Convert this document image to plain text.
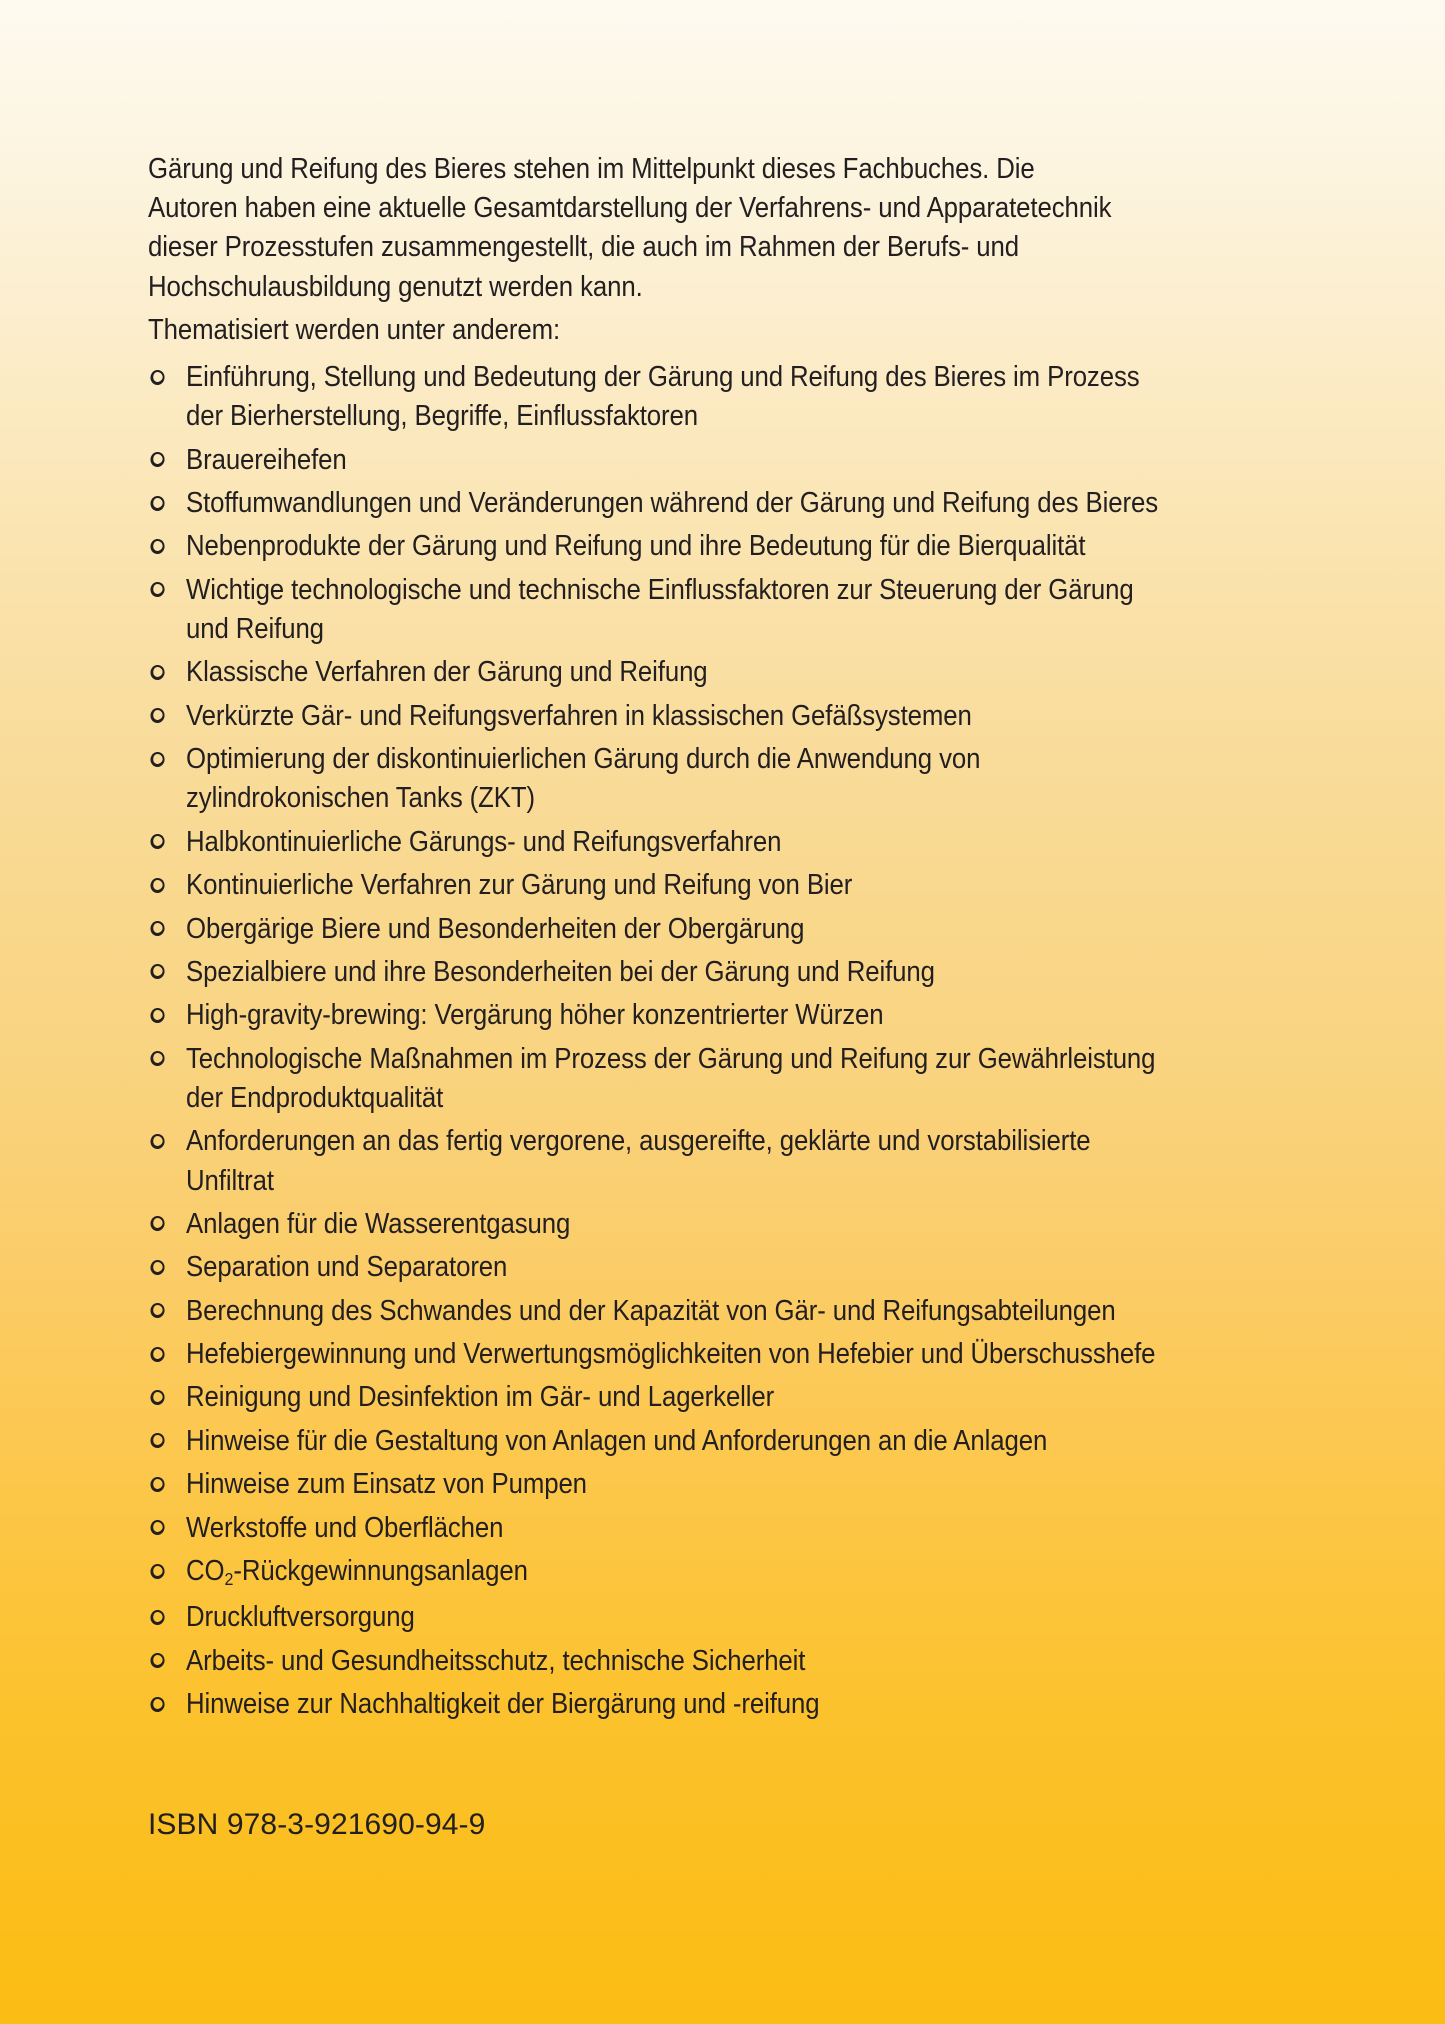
Gärung und Reifung des Bieres stehen im Mittelpunkt dieses Fachbuches. Die Autoren haben eine aktuelle Gesamtdarstellung der Verfahrens- und Apparatetechnik dieser Prozesstufen zusammengestellt, die auch im Rahmen der Berufs- und Hochschulausbildung genutzt werden kann.

Thematisiert werden unter anderem:

Einführung, Stellung und Bedeutung der Gärung und Reifung des Bieres im Prozess der Bierherstellung, Begriffe, Einflussfaktoren
Brauereihefen
Stoffumwandlungen und Veränderungen während der Gärung und Reifung des Bieres
Nebenprodukte der Gärung und Reifung und ihre Bedeutung für die Bierqualität
Wichtige technologische und technische Einflussfaktoren zur Steuerung der Gärung und Reifung
Klassische Verfahren der Gärung und Reifung
Verkürzte Gär- und Reifungsverfahren in klassischen Gefäßsystemen
Optimierung der diskontinuierlichen Gärung durch die Anwendung von zylindrokonischen Tanks (ZKT)
Halbkontinuierliche Gärungs- und Reifungsverfahren
Kontinuierliche Verfahren zur Gärung und Reifung von Bier
Obergärige Biere und Besonderheiten der Obergärung
Spezialbiere und ihre Besonderheiten bei der Gärung und Reifung
High-gravity-brewing: Vergärung höher konzentrierter Würzen
Technologische Maßnahmen im Prozess der Gärung und Reifung zur Gewährleistung der Endproduktqualität
Anforderungen an das fertig vergorene, ausgereifte, geklärte und vorstabilisierte Unfiltrat
Anlagen für die Wasserentgasung
Separation und Separatoren
Berechnung des Schwandes und der Kapazität von Gär- und Reifungsabteilungen
Hefebiergewinnung und Verwertungsmöglichkeiten von Hefebier und Überschusshefe
Reinigung und Desinfektion im Gär- und Lagerkeller
Hinweise für die Gestaltung von Anlagen und Anforderungen an die Anlagen
Hinweise zum Einsatz von Pumpen
Werkstoffe und Oberflächen
$CO_2$-Rückgewinnungsanlagen
Druckluftversorgung
Arbeits- und Gesundheitsschutz, technische Sicherheit
Hinweise zur Nachhaltigkeit der Biergärung und -reifung

ISBN 978-3-921690-94-9
